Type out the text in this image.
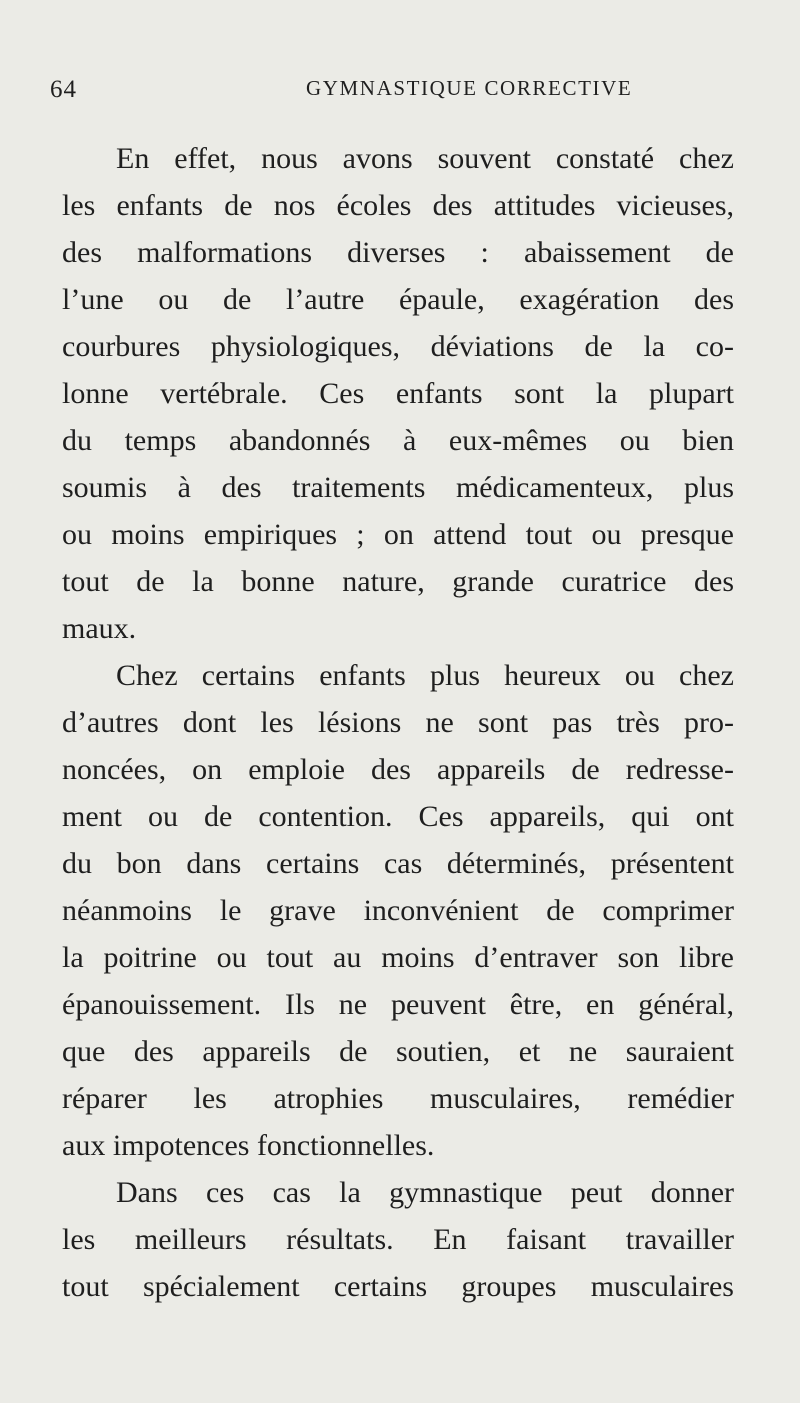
64	GYMNASTIQUE CORRECTIVE
En effet, nous avons souvent constaté chez
les enfants de nos écoles des attitudes vicieuses,
des malformations diverses : abaissement de
l’une ou de l’autre épaule, exagération des
courbures physiologiques, déviations de la co-
lonne vertébrale. Ces enfants sont la plupart
du temps abandonnés à eux-mêmes ou bien
soumis à des traitements médicamenteux, plus
ou moins empiriques ; on attend tout ou presque
tout de la bonne nature, grande curatrice des
maux.
Chez certains enfants plus heureux ou chez
d’autres dont les lésions ne sont pas très pro-
noncées, on emploie des appareils de redresse-
ment ou de contention. Ces appareils, qui ont
du bon dans certains cas déterminés, présentent
néanmoins le grave inconvénient de comprimer
la poitrine ou tout au moins d’entraver son libre
épanouissement. Ils ne peuvent être, en général,
que des appareils de soutien, et ne sauraient
réparer les atrophies musculaires, remédier
aux impotences fonctionnelles.
Dans ces cas la gymnastique peut donner
les meilleurs résultats. En faisant travailler
tout spécialement certains groupes musculaires
